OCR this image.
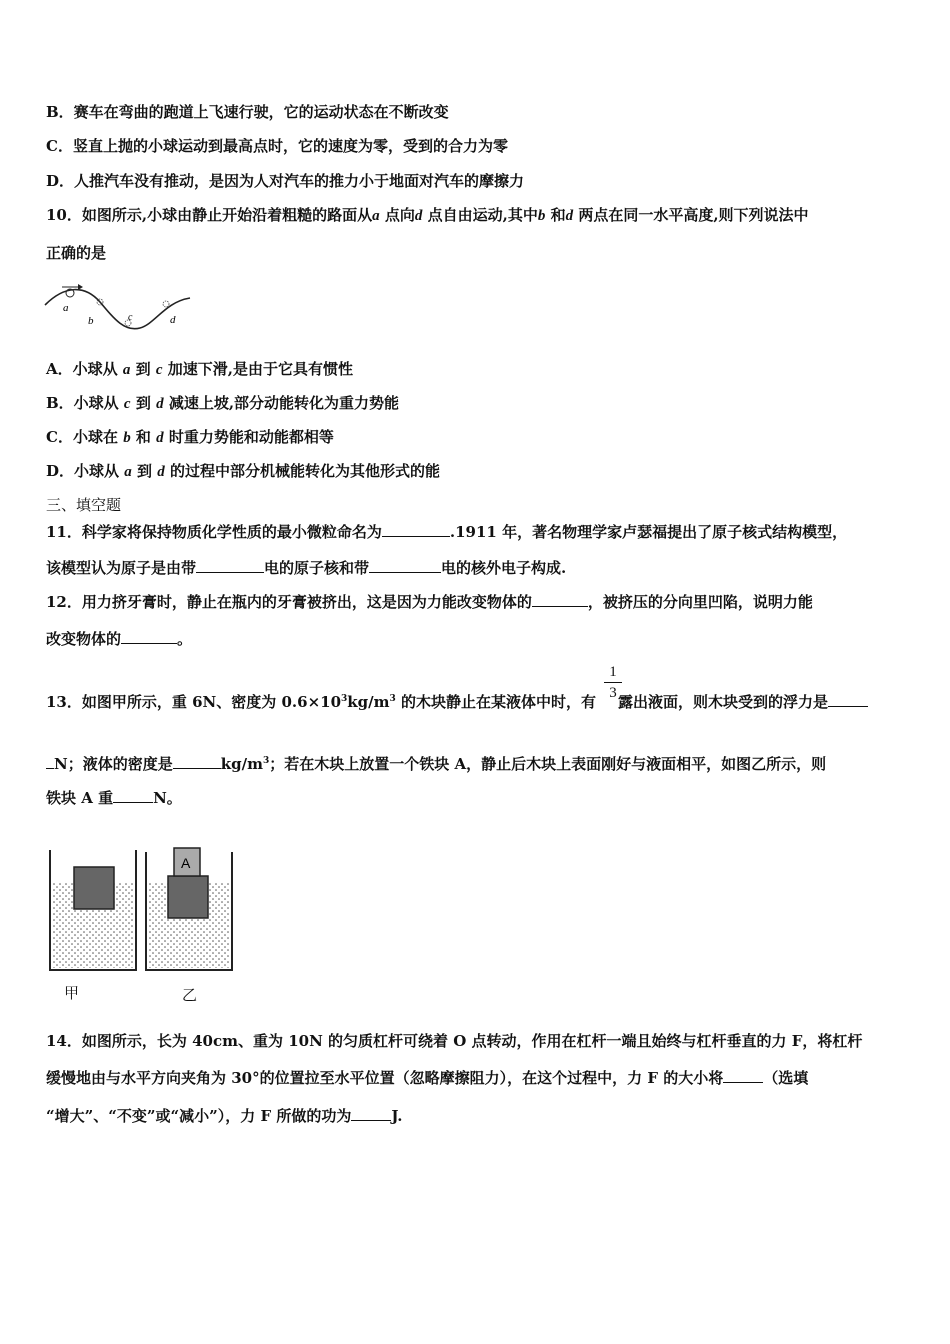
B．赛车在弯曲的跑道上飞速行驶，它的运动状态在不断改变
C．竖直上抛的小球运动到最高点时，它的速度为零，受到的合力为零
D．人推汽车没有推动，是因为人对汽车的推力小于地面对汽车的摩擦力
10．如图所示,小球由静止开始沿着粗糙的路面从a 点向d 点自由运动,其中b 和d 两点在同一水平高度,则下列说法中
正确的是
a
b	c	d
A．小球从 a 到 c 加速下滑,是由于它具有惯性
B．小球从 c 到 d 减速上坡,部分动能转化为重力势能
C．小球在 b 和 d 时重力势能和动能都相等
D．小球从 a 到 d 的过程中部分机械能转化为其他形式的能
三、填空题
11．科学家将保持物质化学性质的最小微粒命名为	.1911 年，著名物理学家卢瑟福提出了原子核式结构模型，
该模型认为原子是由带	电的原子核和带	电的核外电子构成.
12．用力挤牙膏时，静止在瓶内的牙膏被挤出，这是因为力能改变物体的	，被挤压的分向里凹陷，说明力能
改变物体的	。
13．如图甲所示，重 6N、密度为 $0.6\times 10^3kg/m^3$ 的木块静止在某液体中时，有 露出液面，则木块受到的浮力是
1
3
N；液体的密度是	$kg/m^3$；若在木块上放置一个铁块 A，静止后木块上表面刚好与液面相平，如图乙所示，则
铁块 A 重	N。
A
甲	乙
14．如图所示，长为 40cm、重为 10N 的匀质杠杆可绕着 O 点转动，作用在杠杆一端且始终与杠杆垂直的力 F，将杠杆
缓慢地由与水平方向夹角为 30°的位置拉至水平位置（忽略摩擦阻力），在这个过程中，力 F 的大小将	（选填
“增大”、“不变”或“减小”），力 F 所做的功为	J.
